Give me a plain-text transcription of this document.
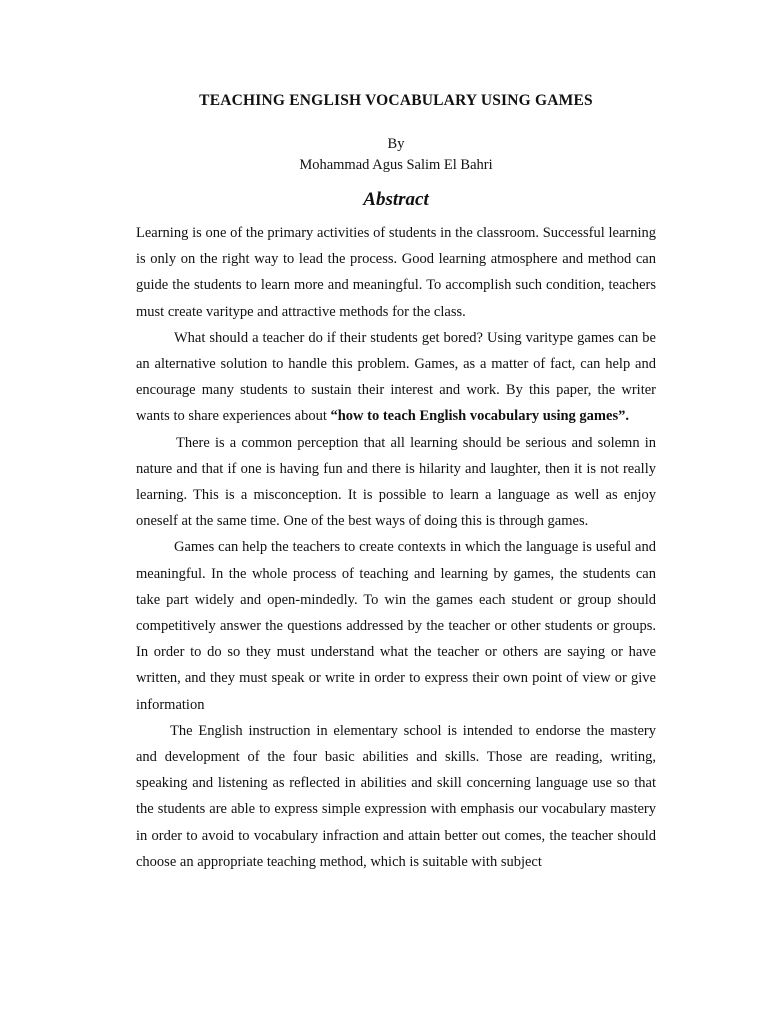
TEACHING ENGLISH VOCABULARY USING GAMES
By
Mohammad Agus Salim El Bahri
Abstract

Learning is one of the primary activities of students in the classroom. Successful learning is only on the right way to lead the process. Good learning atmosphere and method can guide the students to learn more and meaningful. To accomplish such condition, teachers must create varitype and attractive methods for the class.

What should a teacher do if their students get bored? Using varitype games can be an alternative solution to handle this problem. Games, as a matter of fact, can help and encourage many students to sustain their interest and work. By this paper, the writer wants to share experiences about “how to teach English vocabulary using games”.

There is a common perception that all learning should be serious and solemn in nature and that if one is having fun and there is hilarity and laughter, then it is not really learning. This is a misconception. It is possible to learn a language as well as enjoy oneself at the same time. One of the best ways of doing this is through games.

Games can help the teachers to create contexts in which the language is useful and meaningful. In the whole process of teaching and learning by games, the students can take part widely and open-mindedly. To win the games each student or group should competitively answer the questions addressed by the teacher or other students or groups. In order to do so they must understand what the teacher or others are saying or have written, and they must speak or write in order to express their own point of view or give information

The English instruction in elementary school is intended to endorse the mastery and development of the four basic abilities and skills. Those are reading, writing, speaking and listening as reflected in abilities and skill concerning language use so that the students are able to express simple expression with emphasis our vocabulary mastery in order to avoid to vocabulary infraction and attain better out comes, the teacher should choose an appropriate teaching method, which is suitable with subject
